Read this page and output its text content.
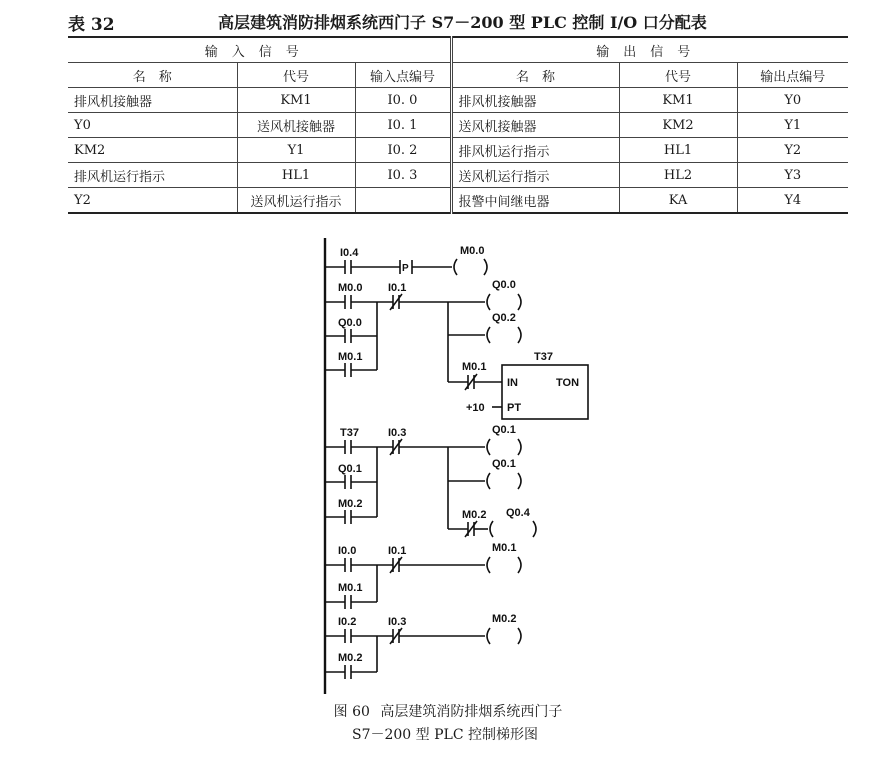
表 32	高层建筑消防排烟系统西门子 S7－200 型 PLC 控制 I/O 口分配表
输入信号			输出信号		
名　称	代号	输入点编号	名　称	代号	输出点编号
排风机接触器	KM1	I0. 0	排风机接触器	KM1	Y0
Y0	送风机接触器	I0. 1	送风机接触器	KM2	Y1
KM2	Y1	I0. 2	排风机运行指示	HL1	Y2
排风机运行指示	HL1	I0. 3	送风机运行指示	HL2	Y3
Y2	送风机运行指示		报警中间继电器	KA	Y4
I0.4
P
M0.0
M0.0 I0.1	Q0.0
Q0.2
Q0.0
M0.1
M0.1
T37
IN	TON
+10 PT
T37	I0.3	Q0.1
Q0.1
Q0.1
M0.2
M0.2 Q0.4
I0.0	I0.1	M0.1
M0.1
I0.2	I0.3	M0.2
M0.2
图 60 高层建筑消防排烟系统西门子
S7－200 型 PLC 控制梯形图
